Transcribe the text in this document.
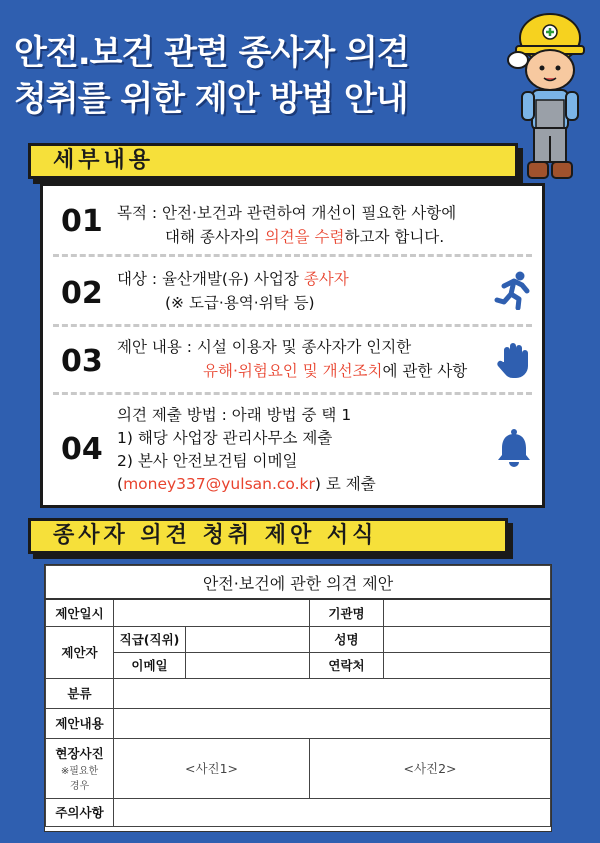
안전.보건 관련 종사자 의견
청취를 위한 제안 방법 안내
세부내용
01 목적 : 안전·보건과 관련하여 개선이 필요한 사항에
대해 종사자의 의견을 수렴하고자 합니다.
02 대상 : 율산개발(유) 사업장 종사자
(※ 도급·용역·위탁 등)
03 제안 내용 : 시설 이용자 및 종사자가 인지한
유해·위험요인 및 개선조치에 관한 사항
04
의견 제출 방법 : 아래 방법 중 택 1
1) 해당 사업장 관리사무소 제출
2) 본사 안전보건팀 이메일
(money337@yulsan.co.kr) 로 제출
종사자 의견 청취 제안 서식
안전·보건에 관한 의견 제안				
제안일시			기관명	
제안자	직급(직위)		성명	
	이메일		연락처	
분류				
제안내용				

현장사진
※필요한
경우	<사진1>		<사진2>	
주의사항				
